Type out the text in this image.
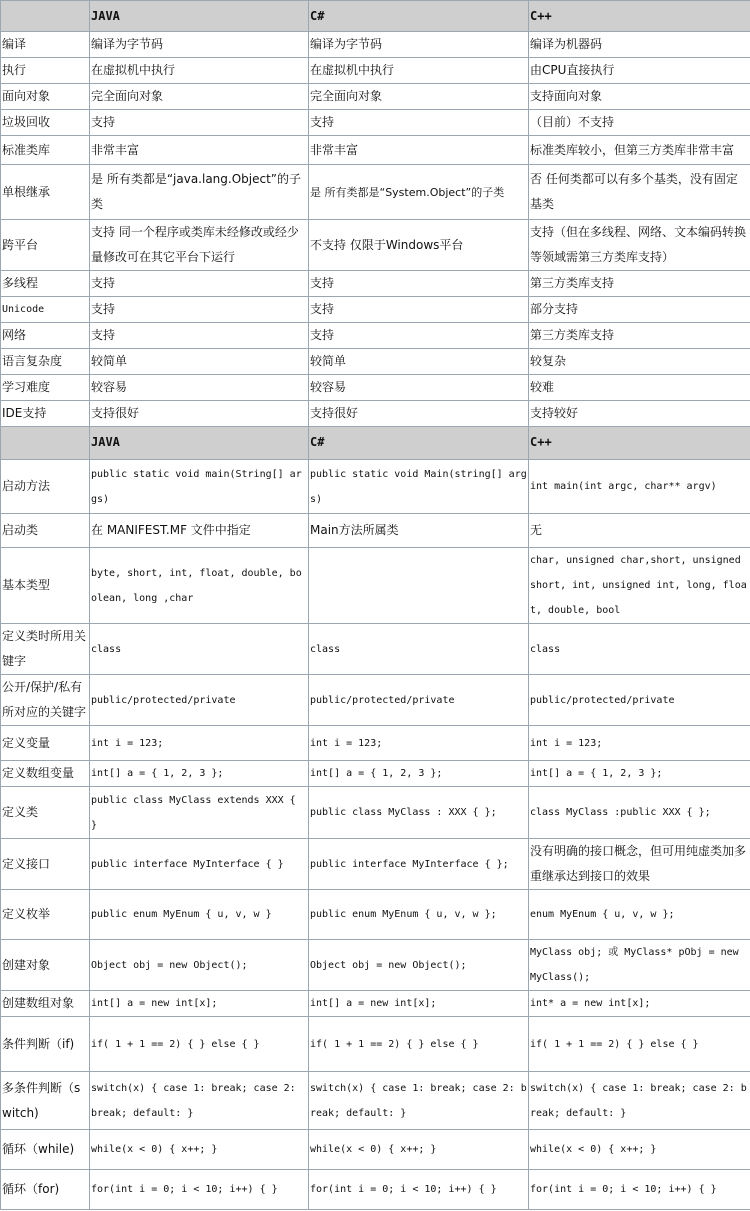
	JAVA	C#	C++
编译	编译为字节码	编译为字节码	编译为机器码
执行	在虚拟机中执行	在虚拟机中执行	由CPU直接执行
面向对象	完全面向对象	完全面向对象	支持面向对象
垃圾回收	支持	支持	（目前）不支持
标准类库	非常丰富	非常丰富	标准类库较小，但第三方类库非常丰富
单根继承	是 所有类都是“java.lang.Object”的子类	是 所有类都是“System.Object”的子类	否 任何类都可以有多个基类，没有固定基类
跨平台	支持 同一个程序或类库未经修改或经少量修改可在其它平台下运行	不支持 仅限于Windows平台	支持（但在多线程、网络、文本编码转换等领域需第三方类库支持）
多线程	支持	支持	第三方类库支持
Unicode	支持	支持	部分支持
网络	支持	支持	第三方类库支持
语言复杂度	较简单	较简单	较复杂
学习难度	较容易	较容易	较难
IDE支持	支持很好	支持很好	支持较好
	JAVA	C#	C++
启动方法	public static void main(String[] args)	public static void Main(string[] args)	int main(int argc, char** argv)
启动类	在 MANIFEST.MF 文件中指定	Main方法所属类	无
基本类型	byte, short, int, float, double, boolean, long ,char		char, unsigned char,short, unsigned short, int, unsigned int, long, float, double, bool
定义类时所用关键字	class	class	class
公开/保护/私有所对应的关键字	public/protected/private	public/protected/private	public/protected/private
定义变量	int i = 123;	int i = 123;	int i = 123;
定义数组变量	int[] a = { 1, 2, 3 };	int[] a = { 1, 2, 3 };	int[] a = { 1, 2, 3 };
定义类	public class MyClass extends XXX { }	public class MyClass : XXX { };	class MyClass :public XXX { };
定义接口	public interface MyInterface { }	public interface MyInterface { };	没有明确的接口概念，但可用纯虚类加多重继承达到接口的效果
定义枚举	public enum MyEnum { u, v, w }	public enum MyEnum { u, v, w };	enum MyEnum { u, v, w };
创建对象	Object obj = new Object();	Object obj = new Object();	MyClass obj; 或 MyClass* pObj = new MyClass();
创建数组对象	int[] a = new int[x];	int[] a = new int[x];	int* a = new int[x];
条件判断（if)	if( 1 + 1 == 2) { } else { }	if( 1 + 1 == 2) { } else { }	if( 1 + 1 == 2) { } else { }
多条件判断（switch)	switch(x) { case 1: break; case 2: break; default: }	switch(x) { case 1: break; case 2: break; default: }	switch(x) { case 1: break; case 2: break; default: }
循环（while)	while(x < 0) { x++; }	while(x < 0) { x++; }	while(x < 0) { x++; }
循环（for)	for(int i = 0; i < 10; i++) { }	for(int i = 0; i < 10; i++) { }	for(int i = 0; i < 10; i++) { }
